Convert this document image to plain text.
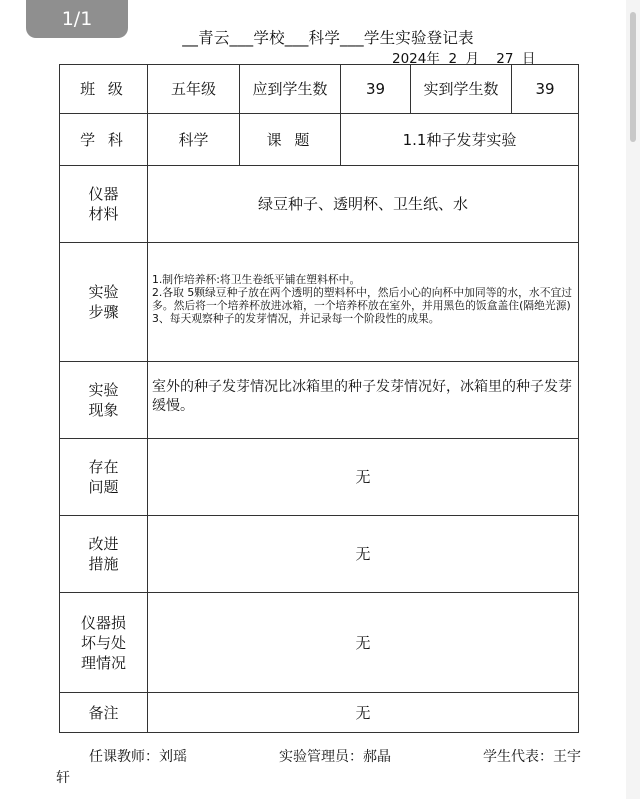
1/1
__青云___学校___科学___学生实验登记表
2024年  2  月    27  日
班 级	五年级	应到学生数	39	实到学生数	39
学 科	科学	课 题	1.1种子发芽实验		
仪器材料	绿豆种子、透明杯、卫生纸、水				
实验步骤	1.制作培养杯:将卫生卷纸平铺在塑料杯中。
2.各取 5颗绿豆种子放在两个透明的塑料杯中，然后小心的向杯中加同等的水，水不宜过多。然后将一个培养杯放进冰箱，一个培养杯放在室外，并用黑色的饭盒盖住(隔绝光源)
3、每天观察种子的发芽情况，并记录每一个阶段性的成果。				

实验现象	室外的种子发芽情况比冰箱里的种子发芽情况好，冰箱里的种子发芽缓慢。				

存在问题	无				
改进措施	无				
仪器损坏与处理情况	无				
备注	无				
任课教师：刘瑶	实验管理员：郝晶	学生代表：王宇
轩
